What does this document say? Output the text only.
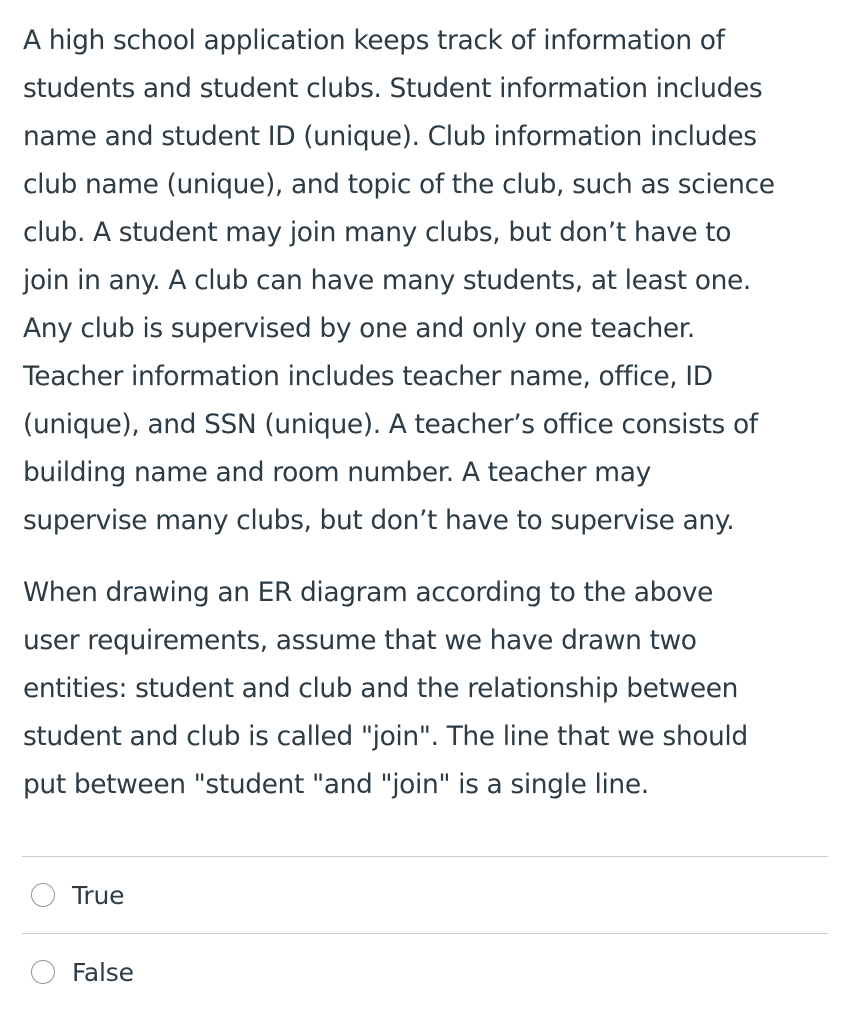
A high school application keeps track of information of
students and student clubs. Student information includes
name and student ID (unique). Club information includes
club name (unique), and topic of the club, such as science
club. A student may join many clubs, but don’t have to
join in any. A club can have many students, at least one.
Any club is supervised by one and only one teacher.
Teacher information includes teacher name, office, ID
(unique), and SSN (unique). A teacher’s office consists of
building name and room number. A teacher may
supervise many clubs, but don’t have to supervise any.

When drawing an ER diagram according to the above
user requirements, assume that we have drawn two
entities: student and club and the relationship between
student and club is called "join". The line that we should
put between "student "and "join" is a single line.

True
False
